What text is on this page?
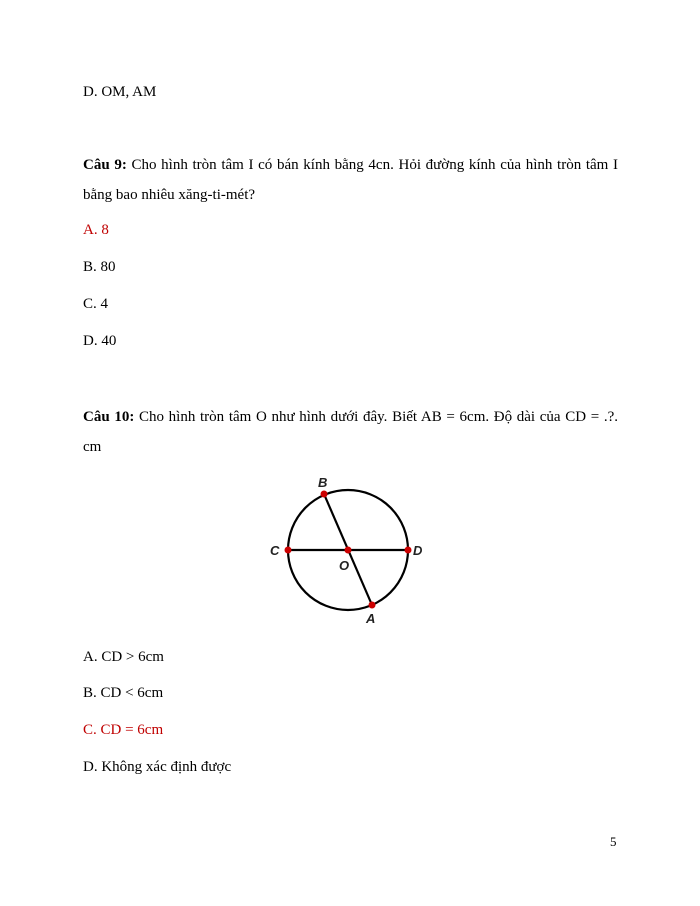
D. OM, AM
Câu 9: Cho hình tròn tâm I có bán kính bằng 4cn. Hỏi đường kính của hình tròn tâm I bằng bao nhiêu xăng-ti-mét?
A. 8
B. 80
C. 4
D. 40
Câu 10: Cho hình tròn tâm O như hình dưới đây. Biết AB = 6cm. Độ dài của CD = .?. cm
B
C
O
D
A
A. CD > 6cm
B. CD < 6cm
C. CD = 6cm
D. Không xác định được
5
